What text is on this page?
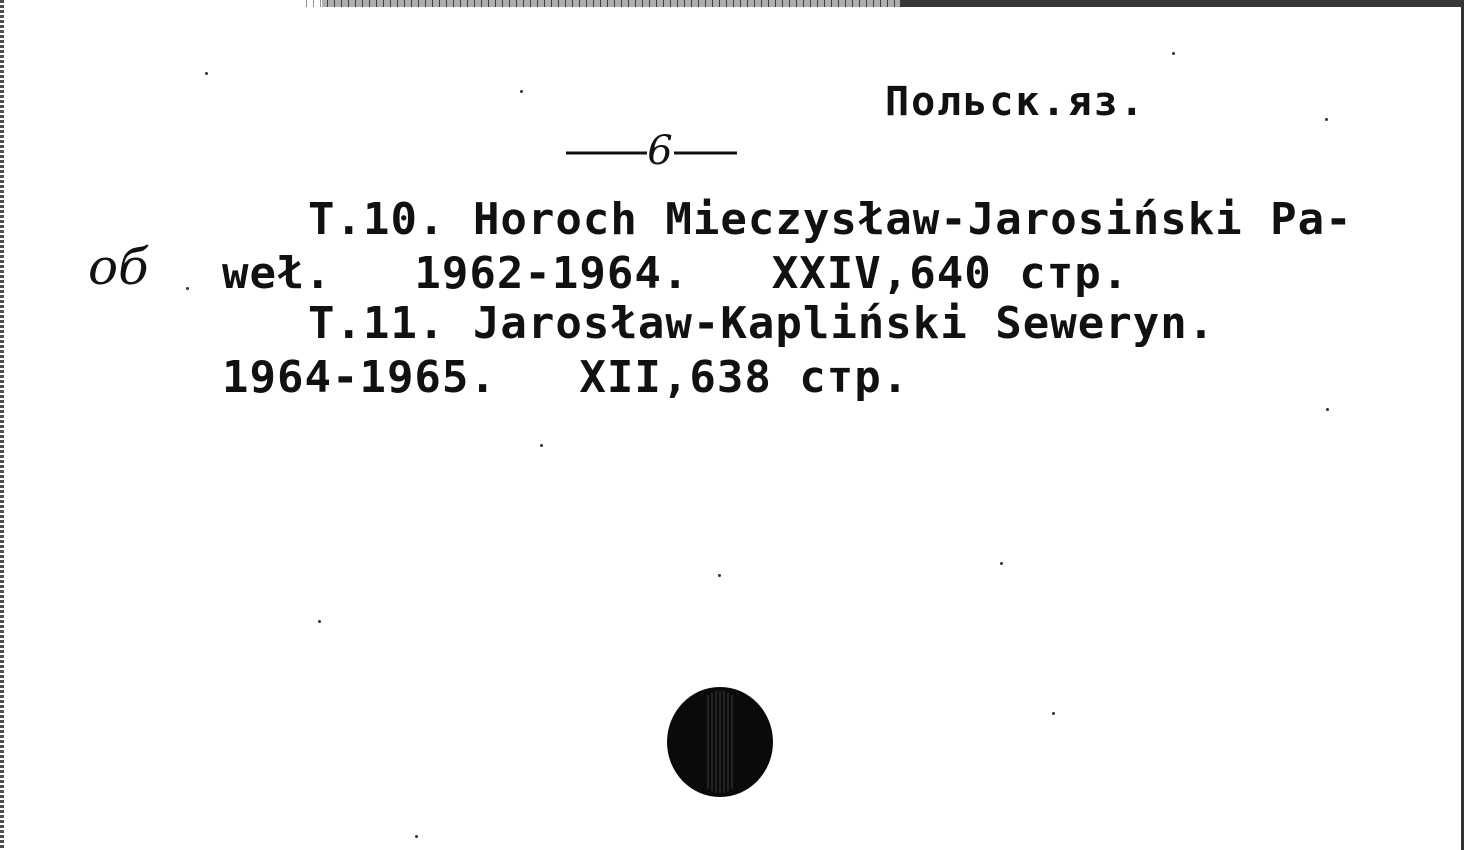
Польск.яз.
6
об
T.10. Horoch Mieczysław-Jarosiński Pa-
weł.   1962-1964.   XXIV,640 стр.
T.11. Jarosław-Kapliński Seweryn.
1964-1965.   XII,638 стр.
